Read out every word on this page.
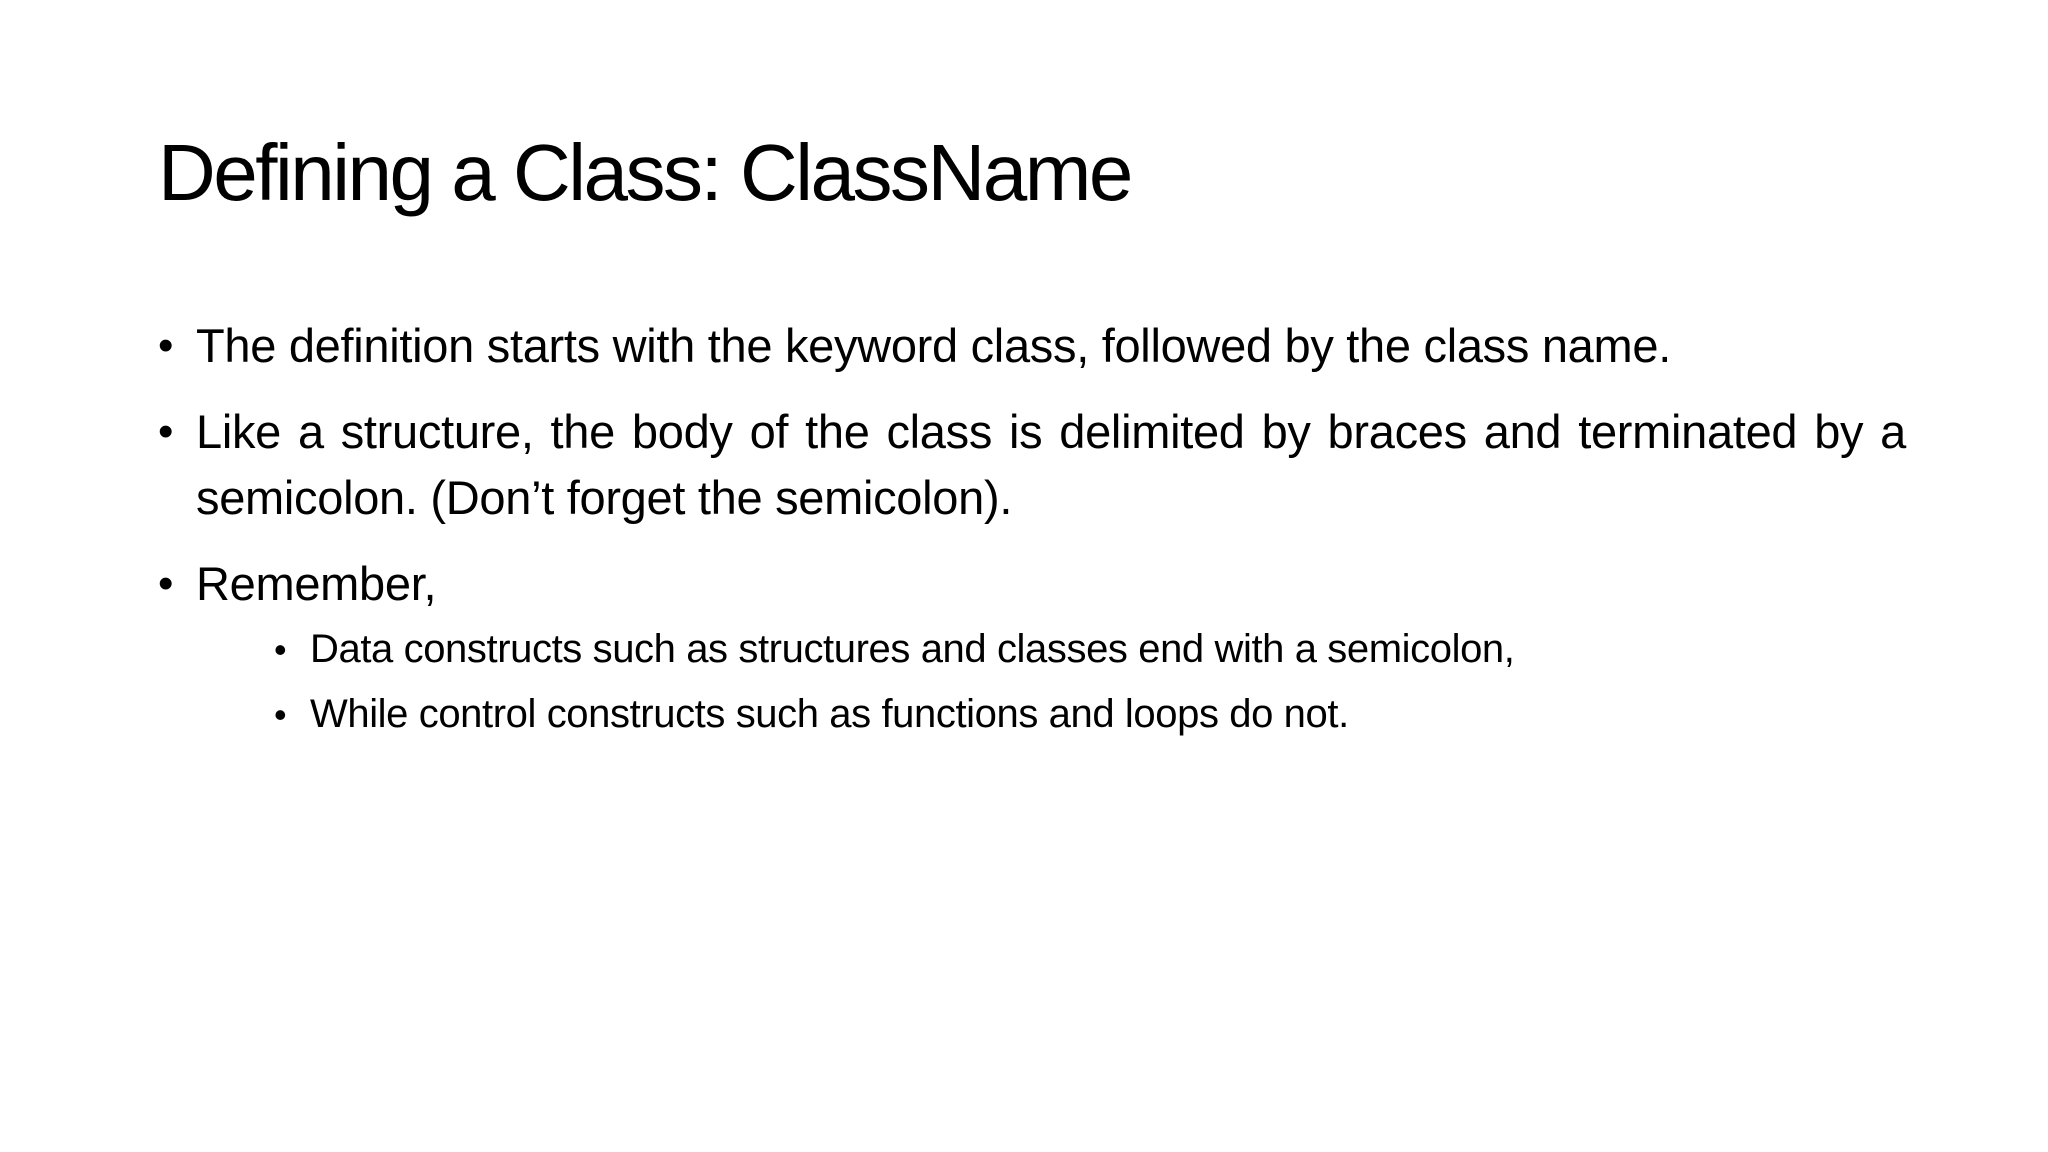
Defining a Class: ClassName
• The definition starts with the keyword class, followed by the class name.
• Like a structure, the body of the class is delimited by braces and terminated by a semicolon. (Don’t forget the semicolon).
• Remember,
• Data constructs such as structures and classes end with a semicolon,
• While control constructs such as functions and loops do not.
